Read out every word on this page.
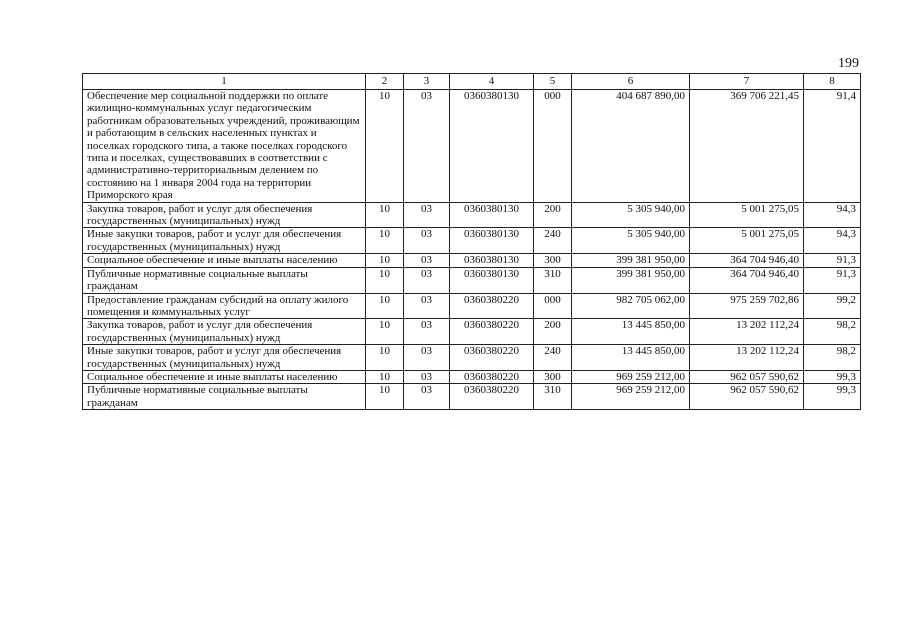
199
1	2	3	4	5	6	7	8
Обеспечение мер социальной поддержки по оплате жилищно-коммунальных услуг педагогическим работникам образовательных учреждений, проживающим и работающим в сельских населенных пунктах и поселках городского типа, а также поселках городского типа и поселках, существовавших в соответствии с административно-территориальным делением по состоянию на 1 января 2004 года на территории Приморского края	10	03	0360380130	000	404 687 890,00	369 706 221,45	91,4
Закупка товаров, работ и услуг для обеспечения государственных (муниципальных) нужд	10	03	0360380130	200	5 305 940,00	5 001 275,05	94,3
Иные закупки товаров, работ и услуг для обеспечения государственных (муниципальных) нужд	10	03	0360380130	240	5 305 940,00	5 001 275,05	94,3
Социальное обеспечение и иные выплаты населению	10	03	0360380130	300	399 381 950,00	364 704 946,40	91,3
Публичные нормативные социальные выплаты гражданам	10	03	0360380130	310	399 381 950,00	364 704 946,40	91,3
Предоставление гражданам субсидий на оплату жилого помещения и коммунальных услуг	10	03	0360380220	000	982 705 062,00	975 259 702,86	99,2
Закупка товаров, работ и услуг для обеспечения государственных (муниципальных) нужд	10	03	0360380220	200	13 445 850,00	13 202 112,24	98,2
Иные закупки товаров, работ и услуг для обеспечения государственных (муниципальных) нужд	10	03	0360380220	240	13 445 850,00	13 202 112,24	98,2
Социальное обеспечение и иные выплаты населению	10	03	0360380220	300	969 259 212,00	962 057 590,62	99,3
Публичные нормативные социальные выплаты гражданам	10	03	0360380220	310	969 259 212,00	962 057 590,62	99,3
